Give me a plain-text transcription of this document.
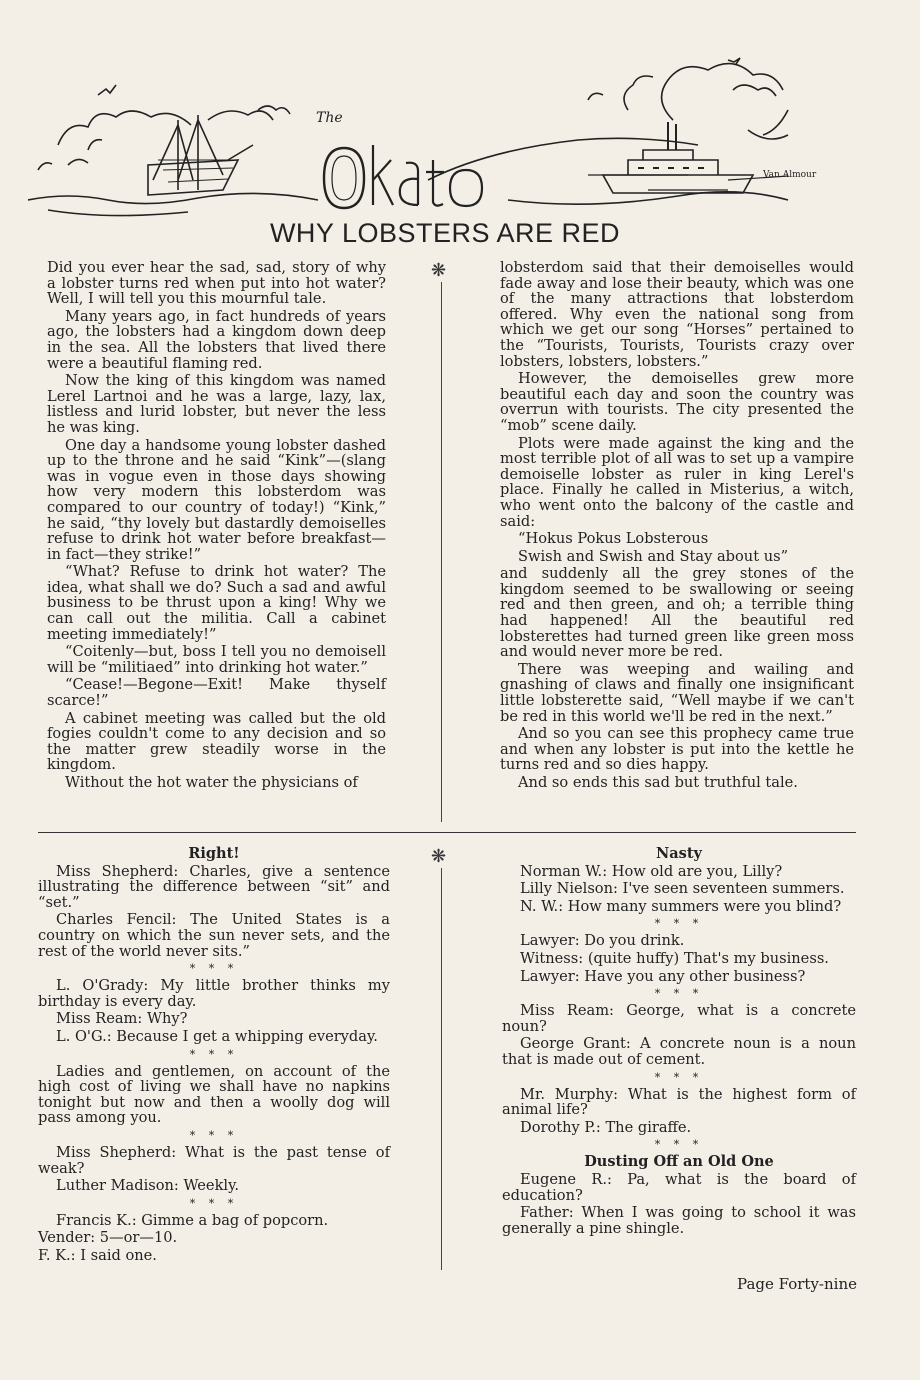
The
Van Almour
WHY LOBSTERS ARE RED

Did you ever hear the sad, sad, story of why a lobster turns red when put into hot water? Well, I will tell you this mournful tale.

Many years ago, in fact hundreds of years ago, the lobsters had a kingdom down deep in the sea. All the lobsters that lived there were a beautiful flaming red.

Now the king of this kingdom was named Lerel Lartnoi and he was a large, lazy, lax, listless and lurid lobster, but never the less he was king.

One day a handsome young lobster dashed up to the throne and he said “Kink”—(slang was in vogue even in those days showing how very modern this lobsterdom was compared to our country of today!) “Kink,” he said, “thy lovely but dastardly demoiselles refuse to drink hot water before breakfast—in fact—they strike!”

“What? Refuse to drink hot water? The idea, what shall we do? Such a sad and awful business to be thrust upon a king! Why we can call out the militia. Call a cabinet meeting immediately!”

“Coitenly—but, boss I tell you no demoisell will be “militiaed” into drinking hot water.”

“Cease!—Begone—Exit! Make thyself scarce!”

A cabinet meeting was called but the old fogies couldn't come to any decision and so the matter grew steadily worse in the kingdom.

Without the hot water the physicians of

❋	lobsterdom said that their demoiselles would fade away and lose their beauty, which was one of the many attractions that lobsterdom offered. Why even the national song from which we get our song “Horses” pertained to the “Tourists, Tourists, Tourists crazy over lobsters, lobsters, lobsters.”

However, the demoiselles grew more beautiful each day and soon the country was overrun with tourists. The city presented the “mob” scene daily.

Plots were made against the king and the most terrible plot of all was to set up a vampire demoiselle lobster as ruler in king Lerel's place. Finally he called in Misterius, a witch, who went onto the balcony of the castle and said:

“Hokus Pokus Lobsterous

Swish and Swish and Stay about us”

and suddenly all the grey stones of the kingdom seemed to be swallowing or seeing red and then green, and oh; a terrible thing had happened! All the beautiful red lobsterettes had turned green like green moss and would never more be red.

There was weeping and wailing and gnashing of claws and finally one insignificant little lobsterette said, “Well maybe if we can't be red in this world we'll be red in the next.”

And so you can see this prophecy came true and when any lobster is put into the kettle he turns red and so dies happy.

And so ends this sad but truthful tale.

Right!

Miss Shepherd: Charles, give a sentence illustrating the difference between “sit” and “set.”

Charles Fencil: The United States is a country on which the sun never sets, and the rest of the world never sits.”

* * *

L. O'Grady: My little brother thinks my birthday is every day.

Miss Ream: Why?

L. O'G.: Because I get a whipping everyday.

* * *

Ladies and gentlemen, on account of the high cost of living we shall have no napkins tonight but now and then a woolly dog will pass among you.

* * *

Miss Shepherd: What is the past tense of weak?

Luther Madison: Weekly.

* * *

Francis K.: Gimme a bag of popcorn.

Vender: 5—or—10.

F. K.: I said one.

❋	Nasty

Norman W.: How old are you, Lilly?

Lilly Nielson: I've seen seventeen summers.

N. W.: How many summers were you blind?

* * *

Lawyer: Do you drink.

Witness: (quite huffy) That's my business.

Lawyer: Have you any other business?

* * *

Miss Ream: George, what is a concrete noun?

George Grant: A concrete noun is a noun that is made out of cement.

* * *

Mr. Murphy: What is the highest form of animal life?

Dorothy P.: The giraffe.

* * *

Dusting Off an Old One

Eugene R.: Pa, what is the board of education?

Father: When I was going to school it was generally a pine shingle.

Page Forty-nine
